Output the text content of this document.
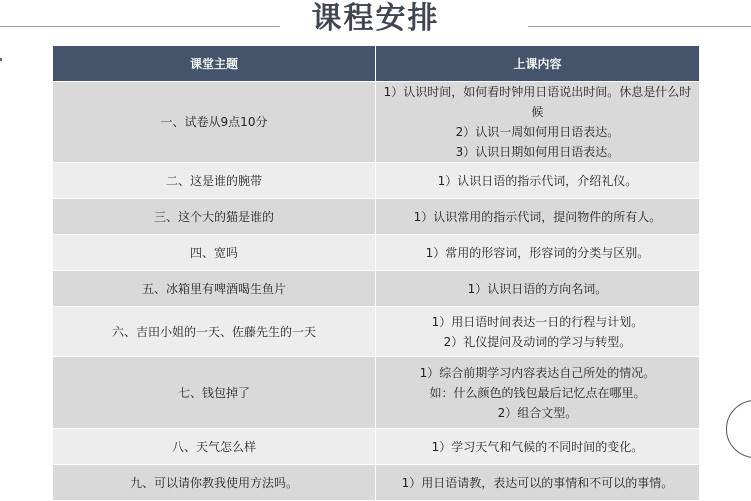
课程安排
课堂主题	上课内容
一、试卷从9点10分	1）认识时间，如何看时钟用日语说出时间。休息是什么时候
2）认识一周如何用日语表达。
3）认识日期如何用日语表达。

二、这是谁的腕带	1）认识日语的指示代词，介绍礼仪。

三、这个大的猫是谁的	1）认识常用的指示代词，提问物件的所有人。

四、宽吗	1）常用的形容词，形容词的分类与区别。

五、冰箱里有啤酒喝生鱼片	1）认识日语的方向名词。

六、吉田小姐的一天、佐藤先生的一天	1）用日语时间表达一日的行程与计划。
2）礼仪提问及动词的学习与转型。

七、钱包掉了	1）综合前期学习内容表达自己所处的情况。
如：什么颜色的钱包最后记忆点在哪里。
2）组合文型。

八、天气怎么样	1）学习天气和气候的不同时间的变化。

九、可以请你教我使用方法吗。	1）用日语请教，表达可以的事情和不可以的事情。
